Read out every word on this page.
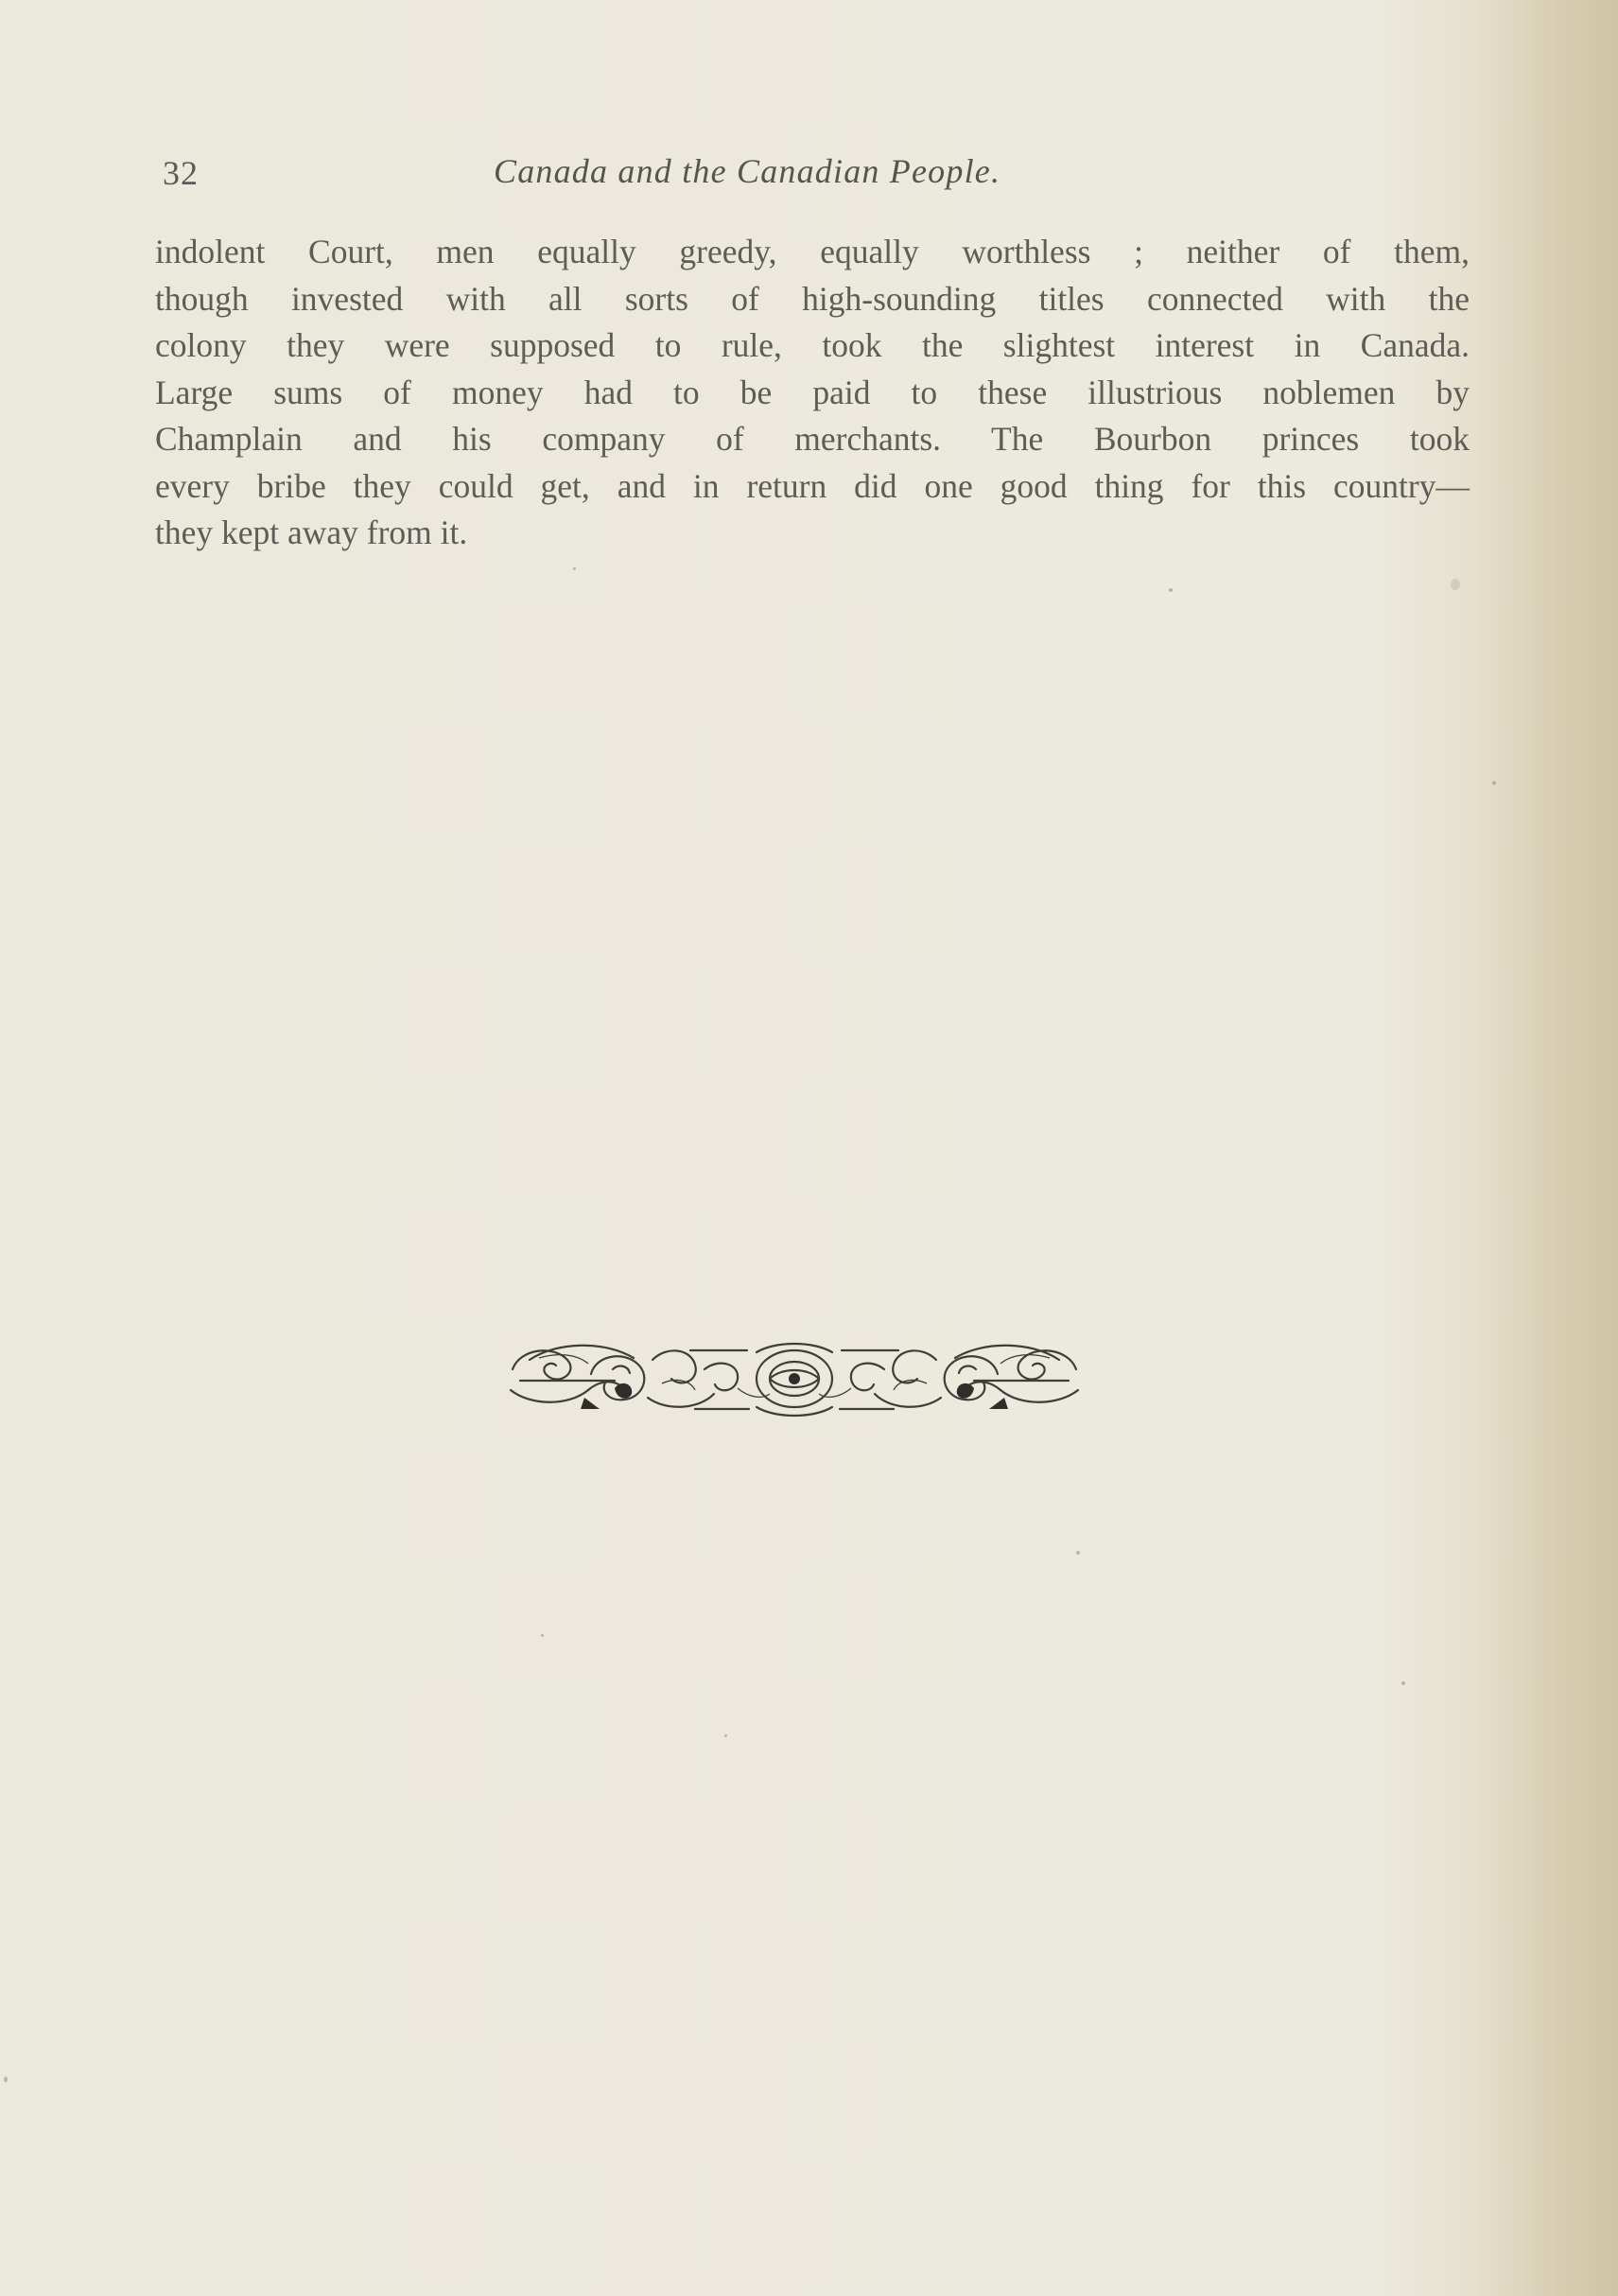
32	Canada and the Canadian People.

indolent Court, men equally greedy, equally worthless ; neither of them,
though invested with all sorts of high-sounding titles connected with the
colony they were supposed to rule, took the slightest interest in Canada.
Large sums of money had to be paid to these illustrious noblemen by
Champlain and his company of merchants. The Bourbon princes took
every bribe they could get, and in return did one good thing for this country—
they kept away from it.
